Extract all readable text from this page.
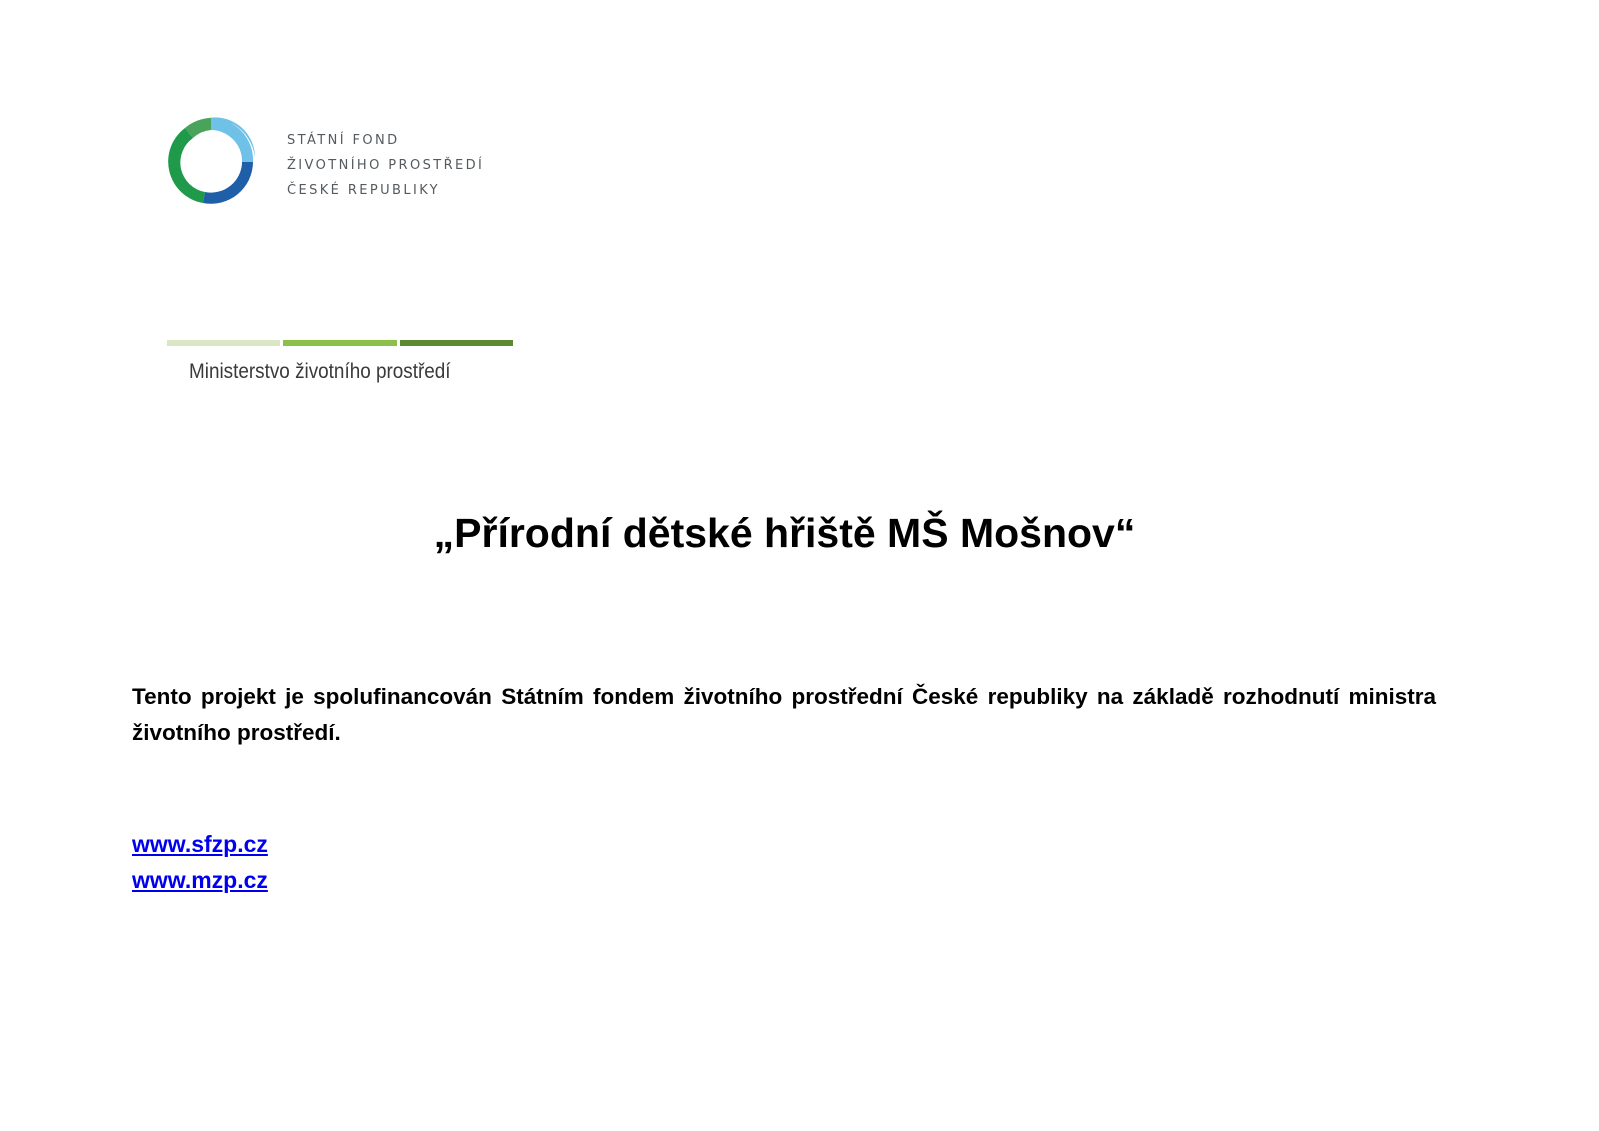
STÁTNÍ FOND
ŽIVOTNÍHO PROSTŘEDÍ
ČESKÉ REPUBLIKY
Ministerstvo životního prostředí
„Přírodní dětské hřiště MŠ Mošnov“
Tento projekt je spolufinancován Státním fondem životního prostřední České republiky na základě rozhodnutí ministra životního prostředí.
www.sfzp.cz
www.mzp.cz
